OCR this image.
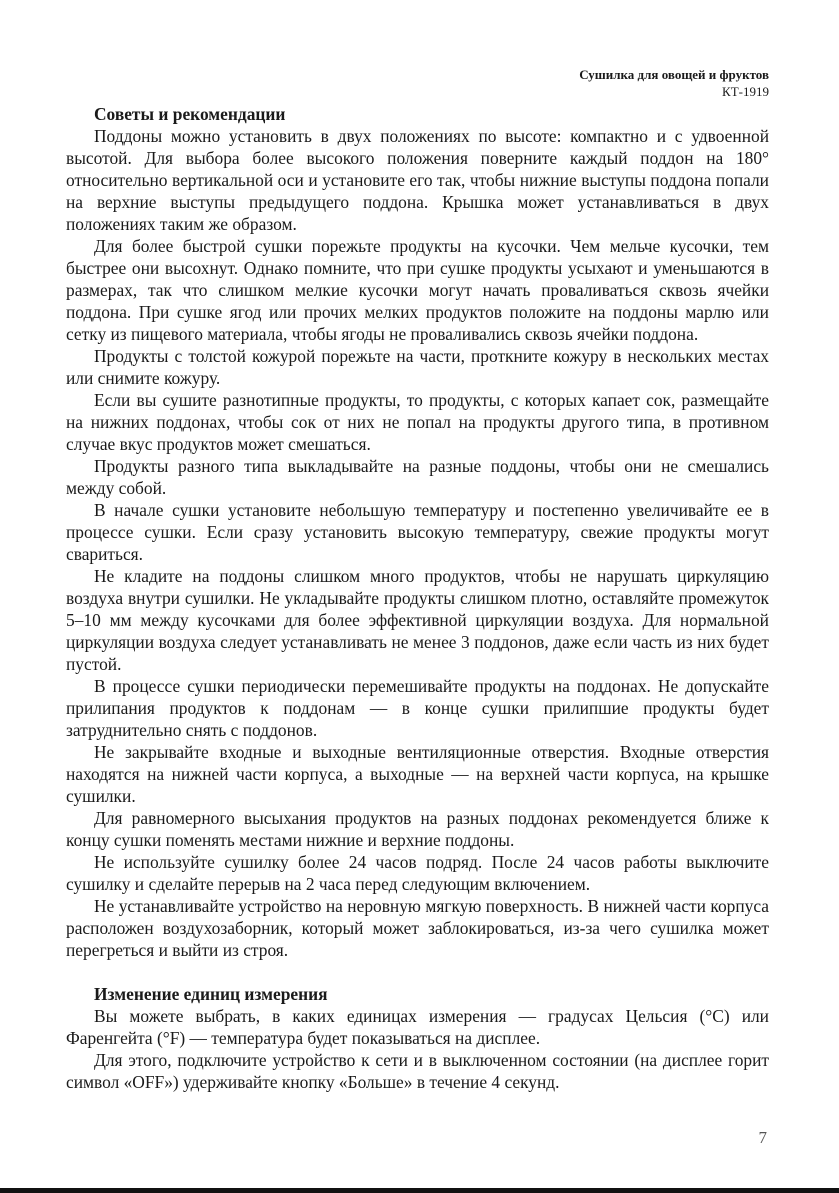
Сушилка для овощей и фруктов
КТ-1919
Советы и рекомендации

Поддоны можно установить в двух положениях по высоте: компактно и с удвоенной высотой. Для выбора более высокого положения поверните каждый поддон на 180° относительно вертикальной оси и установите его так, чтобы нижние выступы поддона попали на верхние выступы предыдущего поддона. Крышка может устанавливаться в двух положениях таким же образом.

Для более быстрой сушки порежьте продукты на кусочки. Чем мельче кусочки, тем быстрее они высохнут. Однако помните, что при сушке продукты усыхают и уменьшаются в размерах, так что слишком мелкие кусочки могут начать проваливаться сквозь ячейки поддона. При сушке ягод или прочих мелких продуктов положите на поддоны марлю или сетку из пищевого материала, чтобы ягоды не проваливались сквозь ячейки поддона.

Продукты с толстой кожурой порежьте на части, проткните кожуру в нескольких местах или снимите кожуру.

Если вы сушите разнотипные продукты, то продукты, с которых капает сок, размещайте на нижних поддонах, чтобы сок от них не попал на продукты другого типа, в противном случае вкус продуктов может смешаться.

Продукты разного типа выкладывайте на разные поддоны, чтобы они не смешались между собой.

В начале сушки установите небольшую температуру и постепенно увеличивайте ее в процессе сушки. Если сразу установить высокую температуру, свежие продукты могут свариться.

Не кладите на поддоны слишком много продуктов, чтобы не нарушать циркуляцию воздуха внутри сушилки. Не укладывайте продукты слишком плотно, оставляйте промежуток 5–10 мм между кусочками для более эффективной циркуляции воздуха. Для нормальной циркуляции воздуха следует устанавливать не менее 3 поддонов, даже если часть из них будет пустой.

В процессе сушки периодически перемешивайте продукты на поддонах. Не допускайте прилипания продуктов к поддонам — в конце сушки прилипшие продукты будет затруднительно снять с поддонов.

Не закрывайте входные и выходные вентиляционные отверстия. Входные отверстия находятся на нижней части корпуса, а выходные — на верхней части корпуса, на крышке сушилки.

Для равномерного высыхания продуктов на разных поддонах рекомендуется ближе к концу сушки поменять местами нижние и верхние поддоны.

Не используйте сушилку более 24 часов подряд. После 24 часов работы выключите сушилку и сделайте перерыв на 2 часа перед следующим включением.

Не устанавливайте устройство на неровную мягкую поверхность. В нижней части корпуса расположен воздухозаборник, который может заблокироваться, из-за чего сушилка может перегреться и выйти из строя.

Изменение единиц измерения

Вы можете выбрать, в каких единицах измерения — градусах Цельсия (°C) или Фаренгейта (°F) — температура будет показываться на дисплее.

Для этого, подключите устройство к сети и в выключенном состоянии (на дисплее горит символ «OFF») удерживайте кнопку «Больше» в течение 4 секунд.

7
